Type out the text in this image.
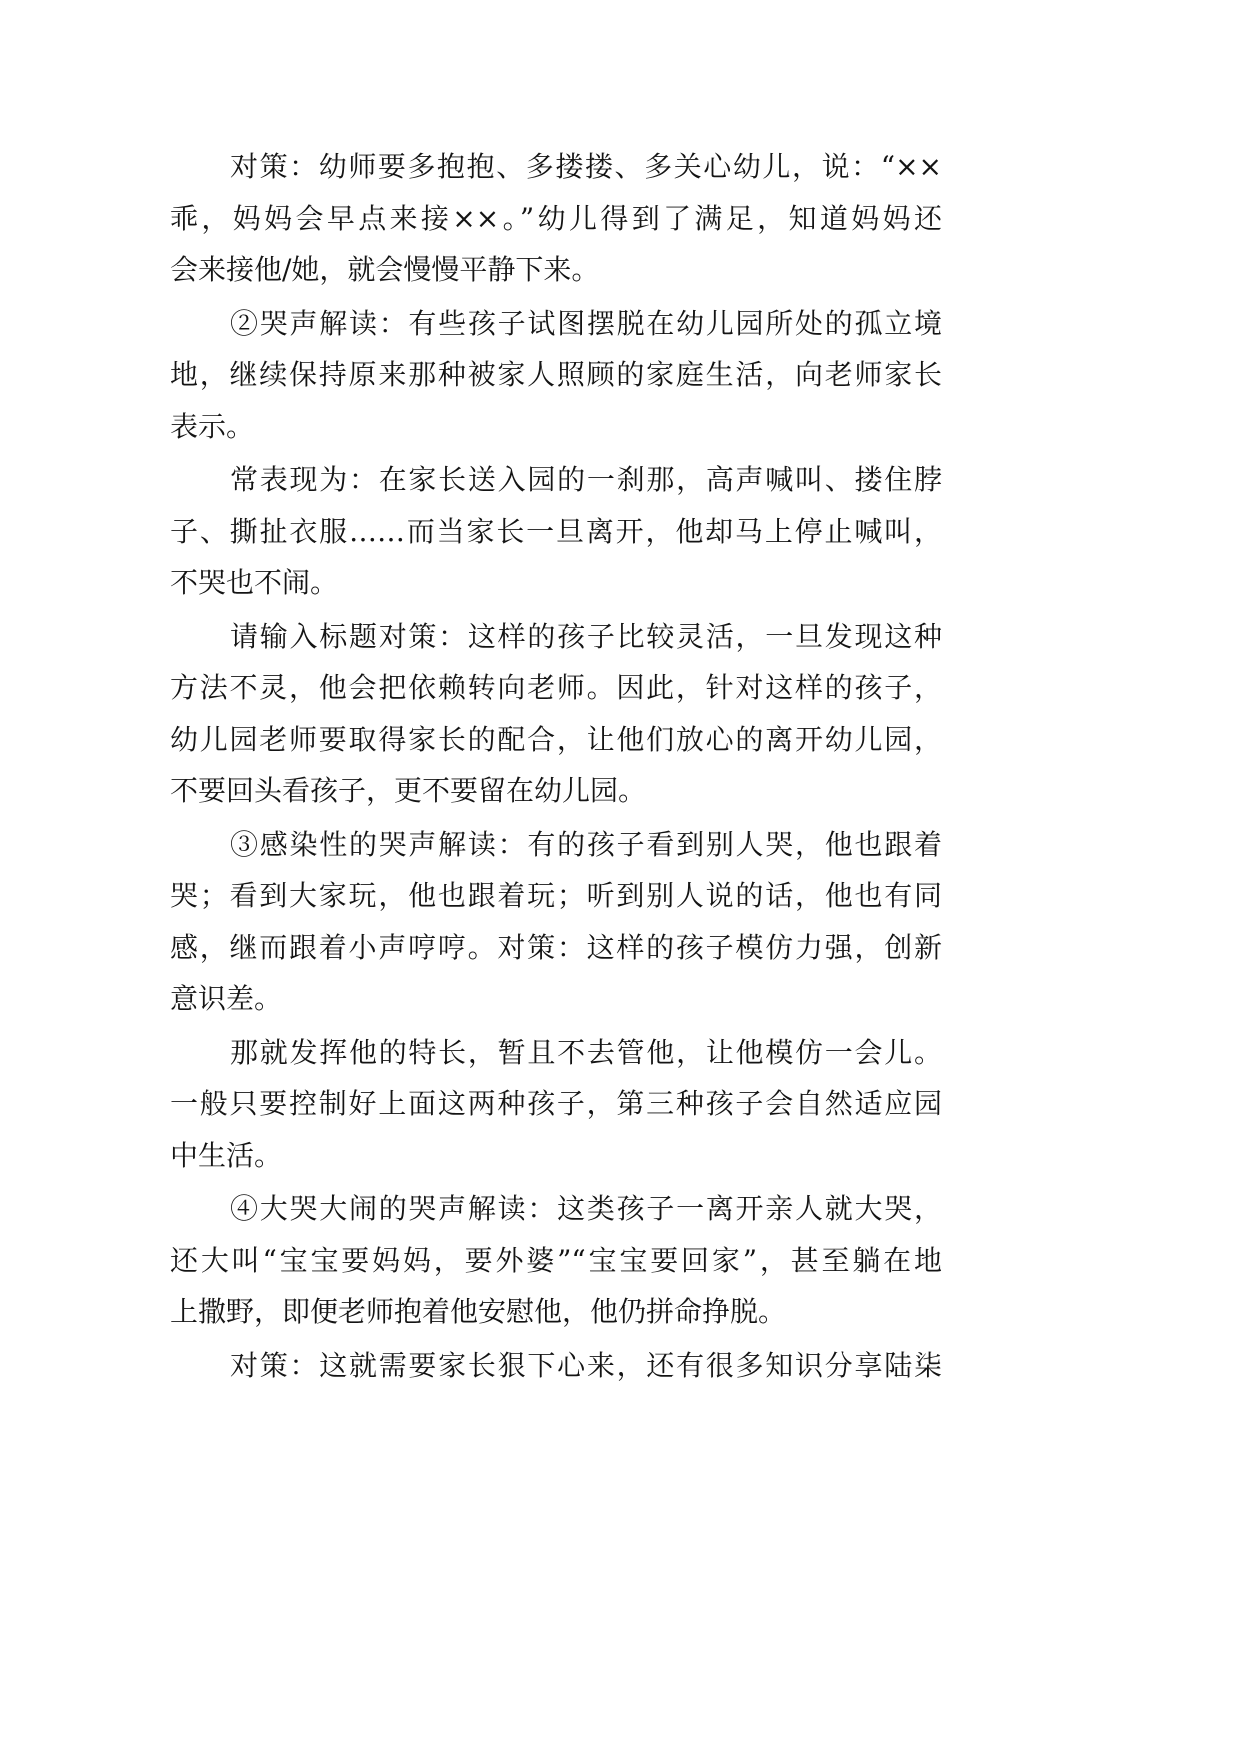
对策：幼师要多抱抱、多搂搂、多关心幼儿，说：“××
乖，妈妈会早点来接××。”幼儿得到了满足，知道妈妈还
会来接他/她，就会慢慢平静下来。
②哭声解读：有些孩子试图摆脱在幼儿园所处的孤立境
地，继续保持原来那种被家人照顾的家庭生活，向老师家长
表示。
常表现为：在家长送入园的一刹那，高声喊叫、搂住脖
子、撕扯衣服……而当家长一旦离开，他却马上停止喊叫，
不哭也不闹。
请输入标题对策：这样的孩子比较灵活，一旦发现这种
方法不灵，他会把依赖转向老师。因此，针对这样的孩子，
幼儿园老师要取得家长的配合，让他们放心的离开幼儿园，
不要回头看孩子，更不要留在幼儿园。
③感染性的哭声解读：有的孩子看到别人哭，他也跟着
哭；看到大家玩，他也跟着玩；听到别人说的话，他也有同
感，继而跟着小声哼哼。对策：这样的孩子模仿力强，创新
意识差。
那就发挥他的特长，暂且不去管他，让他模仿一会儿。
一般只要控制好上面这两种孩子，第三种孩子会自然适应园
中生活。
④大哭大闹的哭声解读：这类孩子一离开亲人就大哭，
还大叫“宝宝要妈妈，要外婆”“宝宝要回家”，甚至躺在地
上撒野，即便老师抱着他安慰他，他仍拼命挣脱。
对策：这就需要家长狠下心来，还有很多知识分享陆柒
